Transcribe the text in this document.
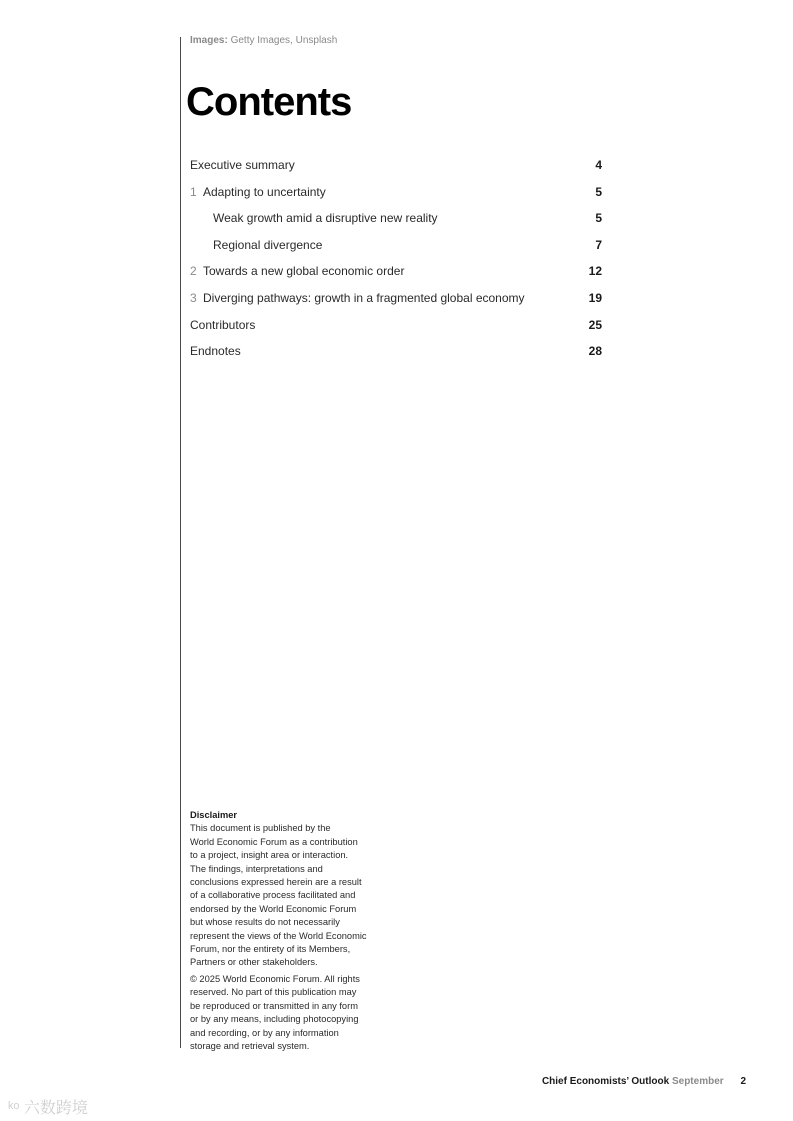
Images: Getty Images, Unsplash
Contents
Executive summary	4
1 Adapting to uncertainty	5
Weak growth amid a disruptive new reality	5
Regional divergence	7
2 Towards a new global economic order	12
3 Diverging pathways: growth in a fragmented global economy	19
Contributors	25
Endnotes	28
Disclaimer
This document is published by the
World Economic Forum as a contribution
to a project, insight area or interaction.
The findings, interpretations and
conclusions expressed herein are a result
of a collaborative process facilitated and
endorsed by the World Economic Forum
but whose results do not necessarily
represent the views of the World Economic
Forum, nor the entirety of its Members,
Partners or other stakeholders.
© 2025 World Economic Forum. All rights
reserved. No part of this publication may
be reproduced or transmitted in any form
or by any means, including photocopying
and recording, or by any information
storage and retrieval system.
Chief Economists’ Outlook September 2
ᵏᵒ 六数跨境
